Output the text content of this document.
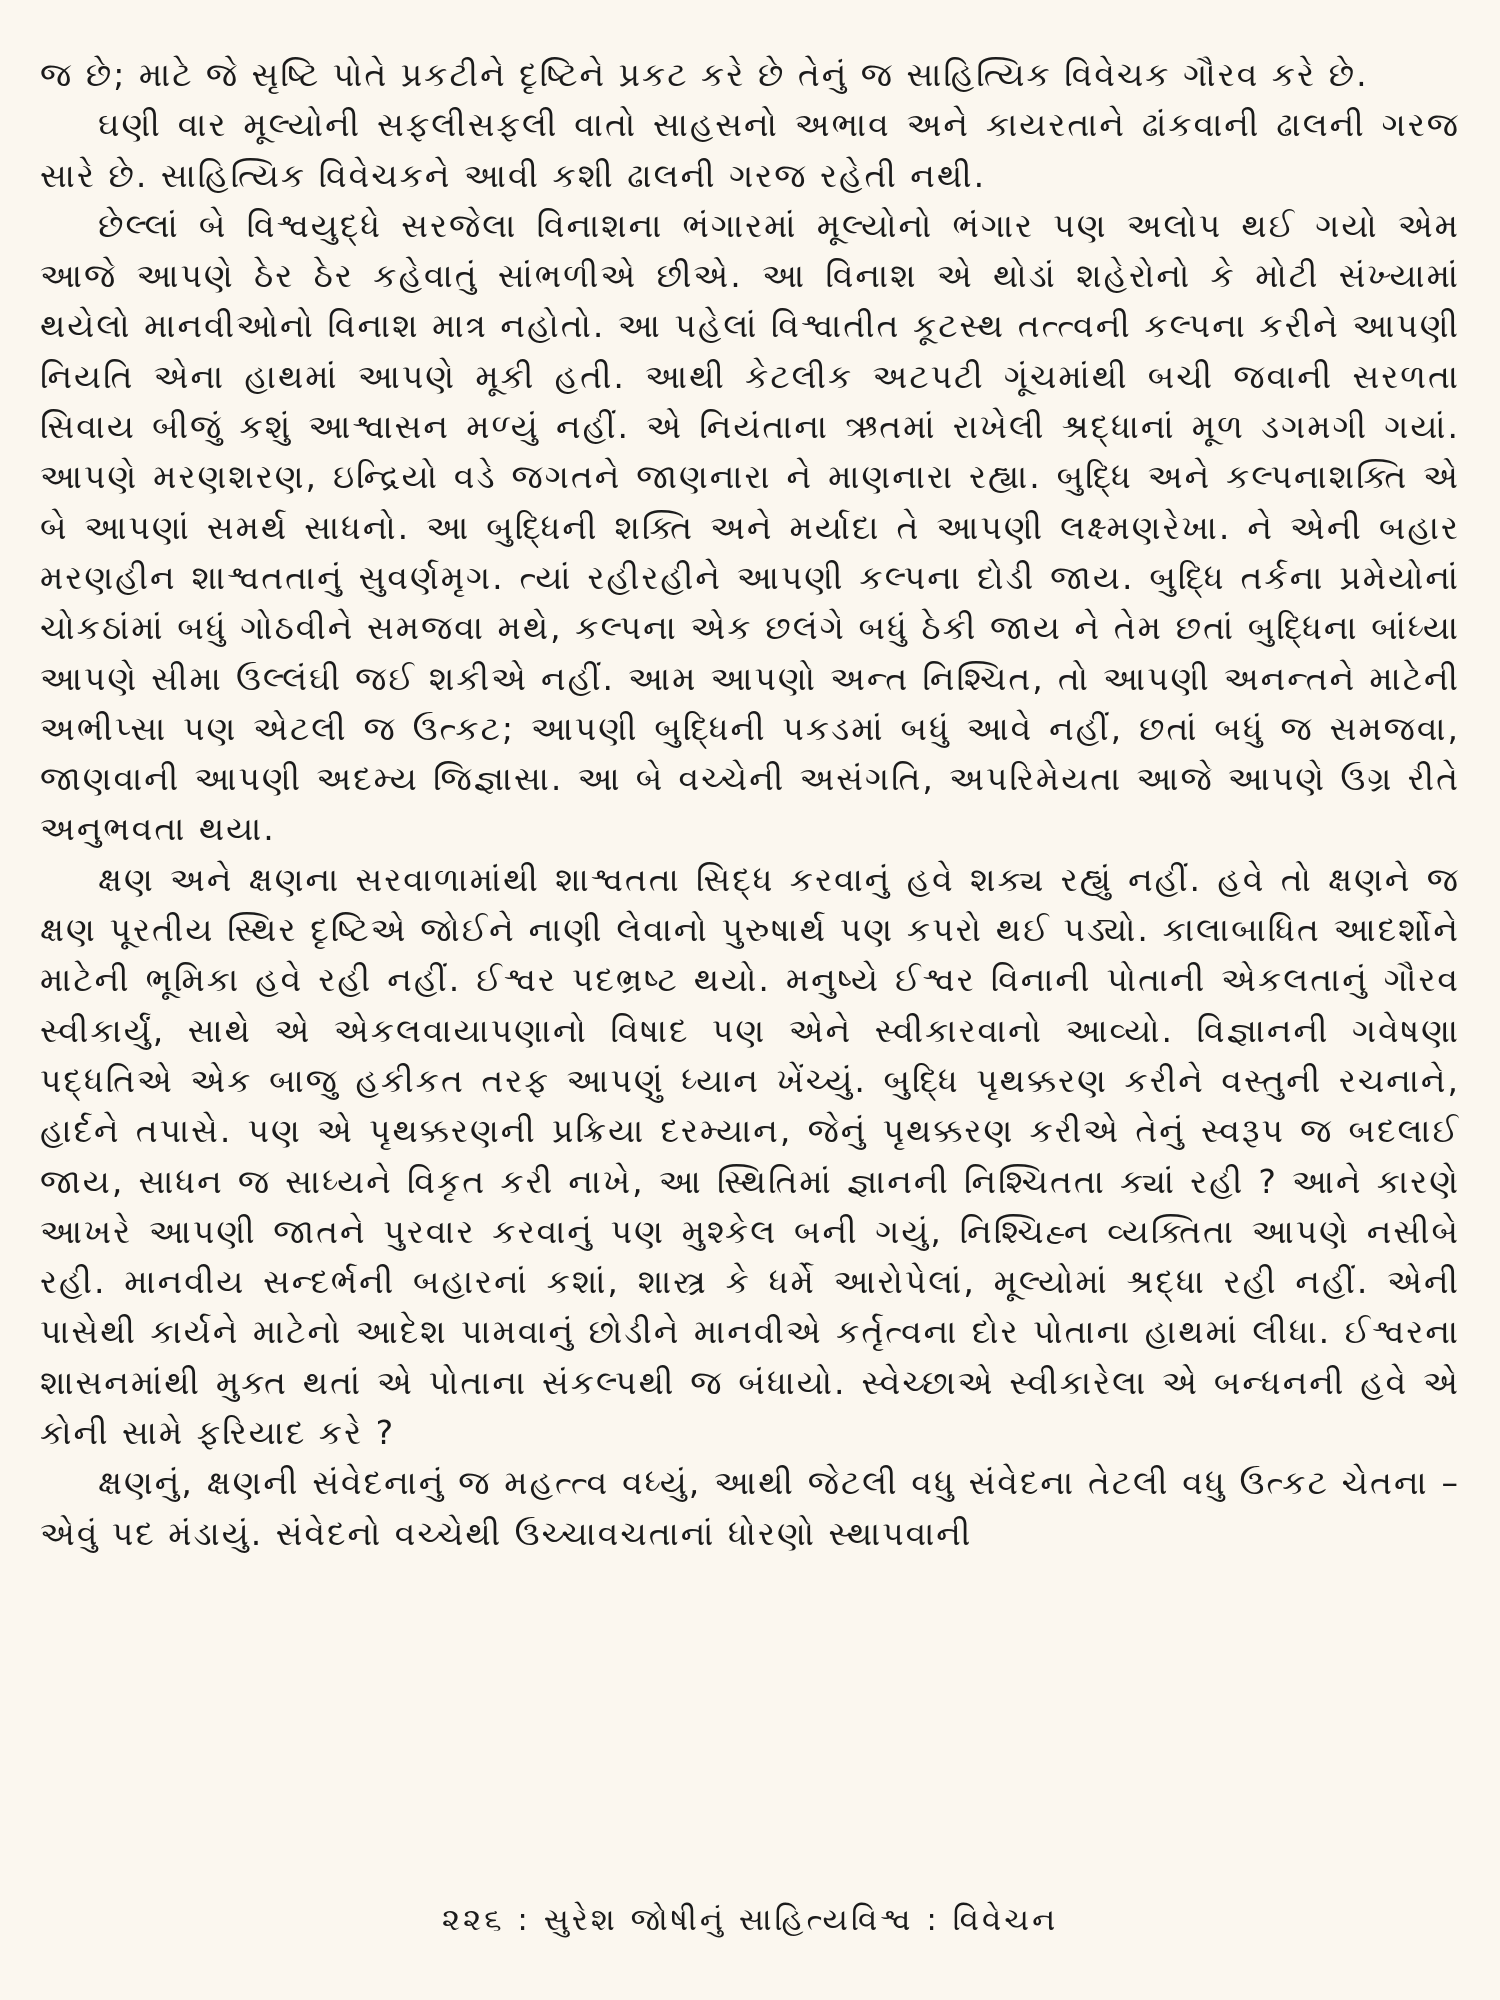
જ છે; માટે જે સૃષ્ટિ પોતે પ્રકટીને દૃષ્ટિને પ્રકટ કરે છે તેનું જ સાહિત્યિક વિવેચક ગૌરવ કરે છે.

ઘણી વાર મૂલ્યોની સફલીસફલી વાતો સાહસનો અભાવ અને કાયરતાને ઢાંકવાની ઢાલની ગરજ સારે છે. સાહિત્યિક વિવેચકને આવી કશી ઢાલની ગરજ રહેતી નથી.

છેલ્લાં બે વિશ્વયુદ્ધે સરજેલા વિનાશના ભંગારમાં મૂલ્યોનો ભંગાર પણ અલોપ થઈ ગયો એમ આજે આપણે ઠેર ઠેર કહેવાતું સાંભળીએ છીએ. આ વિનાશ એ થોડાં શહેરોનો કે મોટી સંખ્યામાં થયેલો માનવીઓનો વિનાશ માત્ર નહોતો. આ પહેલાં વિશ્વાતીત કૂટસ્થ તત્ત્વની કલ્પના કરીને આપણી નિયતિ એના હાથમાં આપણે મૂકી હતી. આથી કેટલીક અટપટી ગૂંચમાંથી બચી જવાની સરળતા સિવાય બીજું કશું આશ્વાસન મળ્યું નહીં. એ નિયંતાના ઋતમાં રાખેલી શ્રદ્ધાનાં મૂળ ડગમગી ગયાં. આપણે મરણશરણ, ઇન્દ્રિયો વડે જગતને જાણનારા ને માણનારા રહ્યા. બુદ્ધિ અને કલ્પનાશક્તિ એ બે આપણાં સમર્થ સાધનો. આ બુદ્ધિની શક્તિ અને મર્યાદા તે આપણી લક્ષ્મણરેખા. ને એની બહાર મરણહીન શાશ્વતતાનું સુવર્ણમૃગ. ત્યાં રહીરહીને આપણી કલ્પના દોડી જાય. બુદ્ધિ તર્કના પ્રમેયોનાં ચોકઠાંમાં બધું ગોઠવીને સમજવા મથે, કલ્પના એક છલંગે બધું ઠેકી જાય ને તેમ છતાં બુદ્ધિના બાંધ્યા આપણે સીમા ઉલ્લંઘી જઈ શકીએ નહીં. આમ આપણો અન્ત નિશ્ચિત, તો આપણી અનન્તને માટેની અભીપ્સા પણ એટલી જ ઉત્કટ; આપણી બુદ્ધિની પકડમાં બધું આવે નહીં, છતાં બધું જ સમજવા, જાણવાની આપણી અદમ્ય જિજ્ઞાસા. આ બે વચ્ચેની અસંગતિ, અપરિમેયતા આજે આપણે ઉગ્ર રીતે અનુભવતા થયા.

ક્ષણ અને ક્ષણના સરવાળામાંથી શાશ્વતતા સિદ્ધ કરવાનું હવે શક્ય રહ્યું નહીં. હવે તો ક્ષણને જ ક્ષણ પૂરતીય સ્થિર દૃષ્ટિએ જોઈને નાણી લેવાનો પુરુષાર્થ પણ કપરો થઈ પડ્યો. કાલાબાધિત આદર્શોને માટેની ભૂમિકા હવે રહી નહીં. ઈશ્વર પદભ્રષ્ટ થયો. મનુષ્યે ઈશ્વર વિનાની પોતાની એકલતાનું ગૌરવ સ્વીકાર્યું, સાથે એ એકલવાયાપણાનો વિષાદ પણ એને સ્વીકારવાનો આવ્યો. વિજ્ઞાનની ગવેષણા પદ્ધતિએ એક બાજુ હકીકત તરફ આપણું ધ્યાન ખેંચ્યું. બુદ્ધિ પૃથક્કરણ કરીને વસ્તુની રચનાને, હાર્દને તપાસે. પણ એ પૃથક્કરણની પ્રક્રિયા દરમ્યાન, જેનું પૃથક્કરણ કરીએ તેનું સ્વરૂપ જ બદલાઈ જાય, સાધન જ સાધ્યને વિકૃત કરી નાખે, આ સ્થિતિમાં જ્ઞાનની નિશ્ચિતતા ક્યાં રહી ? આને કારણે આખરે આપણી જાતને પુરવાર કરવાનું પણ મુશ્કેલ બની ગયું, નિશ્ચિહ્ન વ્યક્તિતા આપણે નસીબે રહી. માનવીય સન્દર્ભની બહારનાં કશાં, શાસ્ત્ર કે ધર્મે આરોપેલાં, મૂલ્યોમાં શ્રદ્ધા રહી નહીં. એની પાસેથી કાર્યને માટેનો આદેશ પામવાનું છોડીને માનવીએ કર્તૃત્વના દોર પોતાના હાથમાં લીધા. ઈશ્વરના શાસનમાંથી મુક્ત થતાં એ પોતાના સંકલ્પથી જ બંધાયો. સ્વેચ્છાએ સ્વીકારેલા એ બન્ધનની હવે એ કોની સામે ફરિયાદ કરે ?

ક્ષણનું, ક્ષણની સંવેદનાનું જ મહત્ત્વ વધ્યું, આથી જેટલી વધુ સંવેદના તેટલી વધુ ઉત્કટ ચેતના – એવું પદ મંડાયું. સંવેદનો વચ્ચેથી ઉચ્ચાવચતાનાં ધોરણો સ્થાપવાની

૨૨૬ : સુરેશ જોષીનું સાહિત્યવિશ્વ : વિવેચન
